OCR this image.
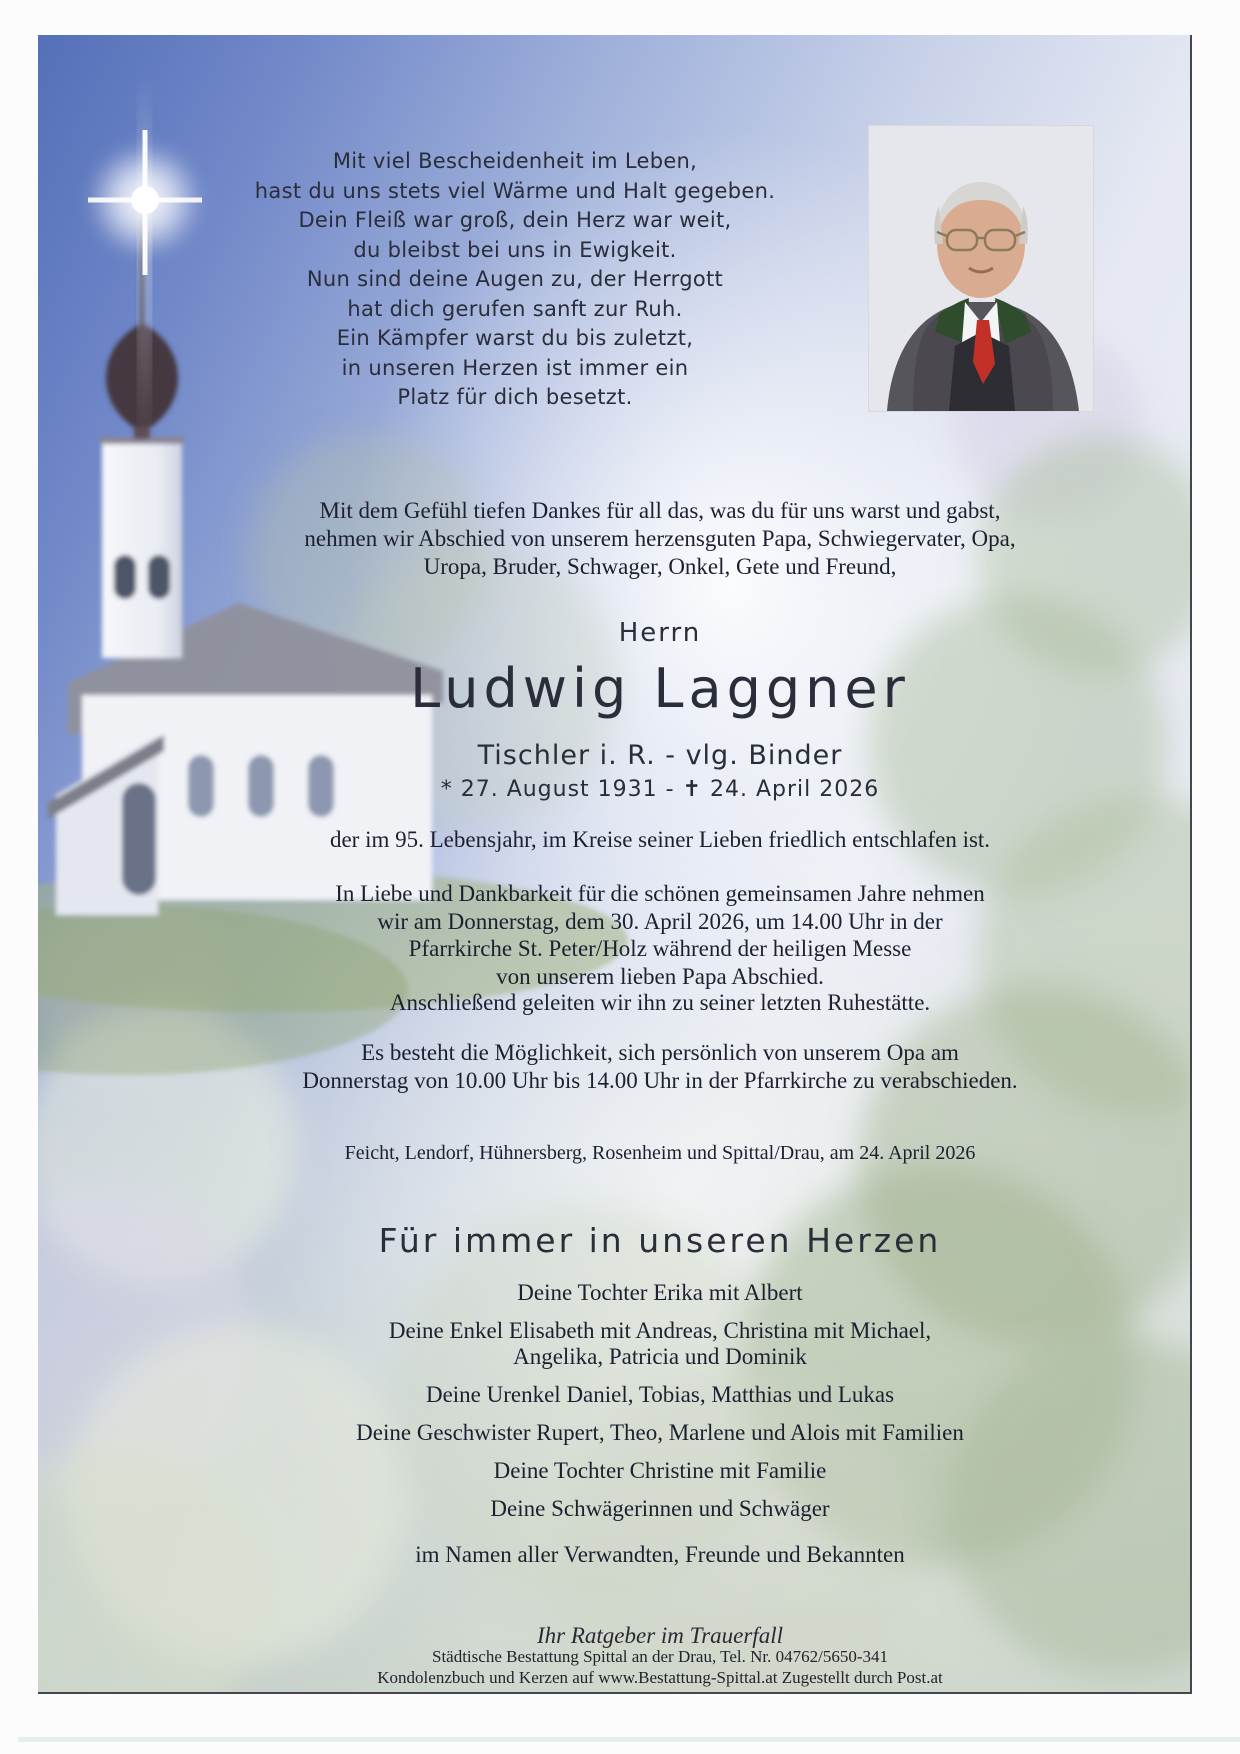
Mit viel Bescheidenheit im Leben,
hast du uns stets viel Wärme und Halt gegeben.
Dein Fleiß war groß, dein Herz war weit,
du bleibst bei uns in Ewigkeit.
Nun sind deine Augen zu, der Herrgott
hat dich gerufen sanft zur Ruh.
Ein Kämpfer warst du bis zuletzt,
in unseren Herzen ist immer ein
Platz für dich besetzt.
Mit dem Gefühl tiefen Dankes für all das, was du für uns warst und gabst,
nehmen wir Abschied von unserem herzensguten Papa, Schwiegervater, Opa,
Uropa, Bruder, Schwager, Onkel, Gete und Freund,
Herrn
Ludwig Laggner
Tischler i. R. - vlg. Binder
* 27. August 1931 - ✝ 24. April 2026
der im 95. Lebensjahr, im Kreise seiner Lieben friedlich entschlafen ist.
In Liebe und Dankbarkeit für die schönen gemeinsamen Jahre nehmen
wir am Donnerstag, dem 30. April 2026, um 14.00 Uhr in der
Pfarrkirche St. Peter/Holz während der heiligen Messe
von unserem lieben Papa Abschied.
Anschließend geleiten wir ihn zu seiner letzten Ruhestätte.
Es besteht die Möglichkeit, sich persönlich von unserem Opa am
Donnerstag von 10.00 Uhr bis 14.00 Uhr in der Pfarrkirche zu verabschieden.
Feicht, Lendorf, Hühnersberg, Rosenheim und Spittal/Drau, am 24. April 2026
Für immer in unseren Herzen
Deine Tochter Erika mit Albert
Deine Enkel Elisabeth mit Andreas, Christina mit Michael,
Angelika, Patricia und Dominik
Deine Urenkel Daniel, Tobias, Matthias und Lukas
Deine Geschwister Rupert, Theo, Marlene und Alois mit Familien
Deine Tochter Christine mit Familie
Deine Schwägerinnen und Schwäger
im Namen aller Verwandten, Freunde und Bekannten
Ihr Ratgeber im Trauerfall
Städtische Bestattung Spittal an der Drau, Tel. Nr. 04762/5650-341
Kondolenzbuch und Kerzen auf www.Bestattung-Spittal.at Zugestellt durch Post.at
